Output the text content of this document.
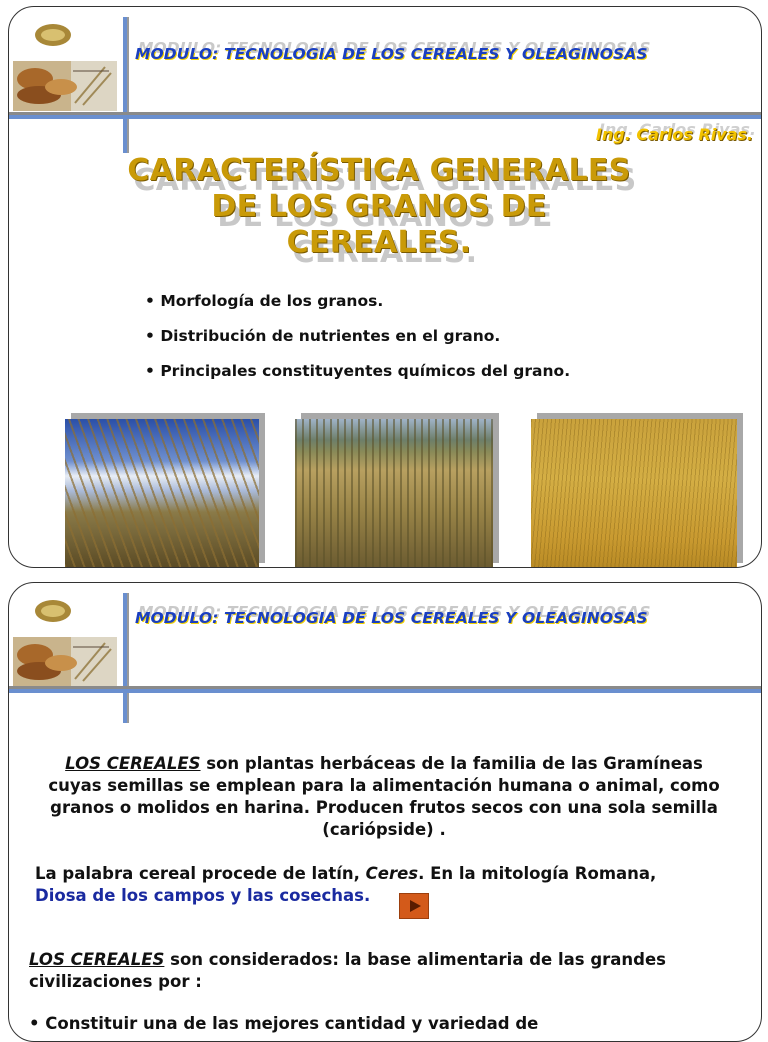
MODULO: TECNOLOGIA DE LOS CEREALES Y OLEAGINOSAS
Ing. Carlos Rivas.
CARACTERÍSTICA GENERALES
DE LOS GRANOS DE
CEREALES.
• Morfología de los granos.
• Distribución de nutrientes en el grano.
• Principales constituyentes químicos del grano.
MODULO: TECNOLOGIA DE LOS CEREALES Y OLEAGINOSAS
LOS CEREALES son plantas herbáceas de la familia de las Gramíneas cuyas semillas se emplean para la alimentación humana o animal, como granos o molidos en harina. Producen frutos secos con una sola semilla (cariópside) .
La palabra cereal procede de latín, Ceres. En la mitología Romana,
Diosa de los campos y las cosechas.
LOS CEREALES son considerados: la base alimentaria de las grandes civilizaciones por :
• Constituir una de las mejores cantidad y variedad de
